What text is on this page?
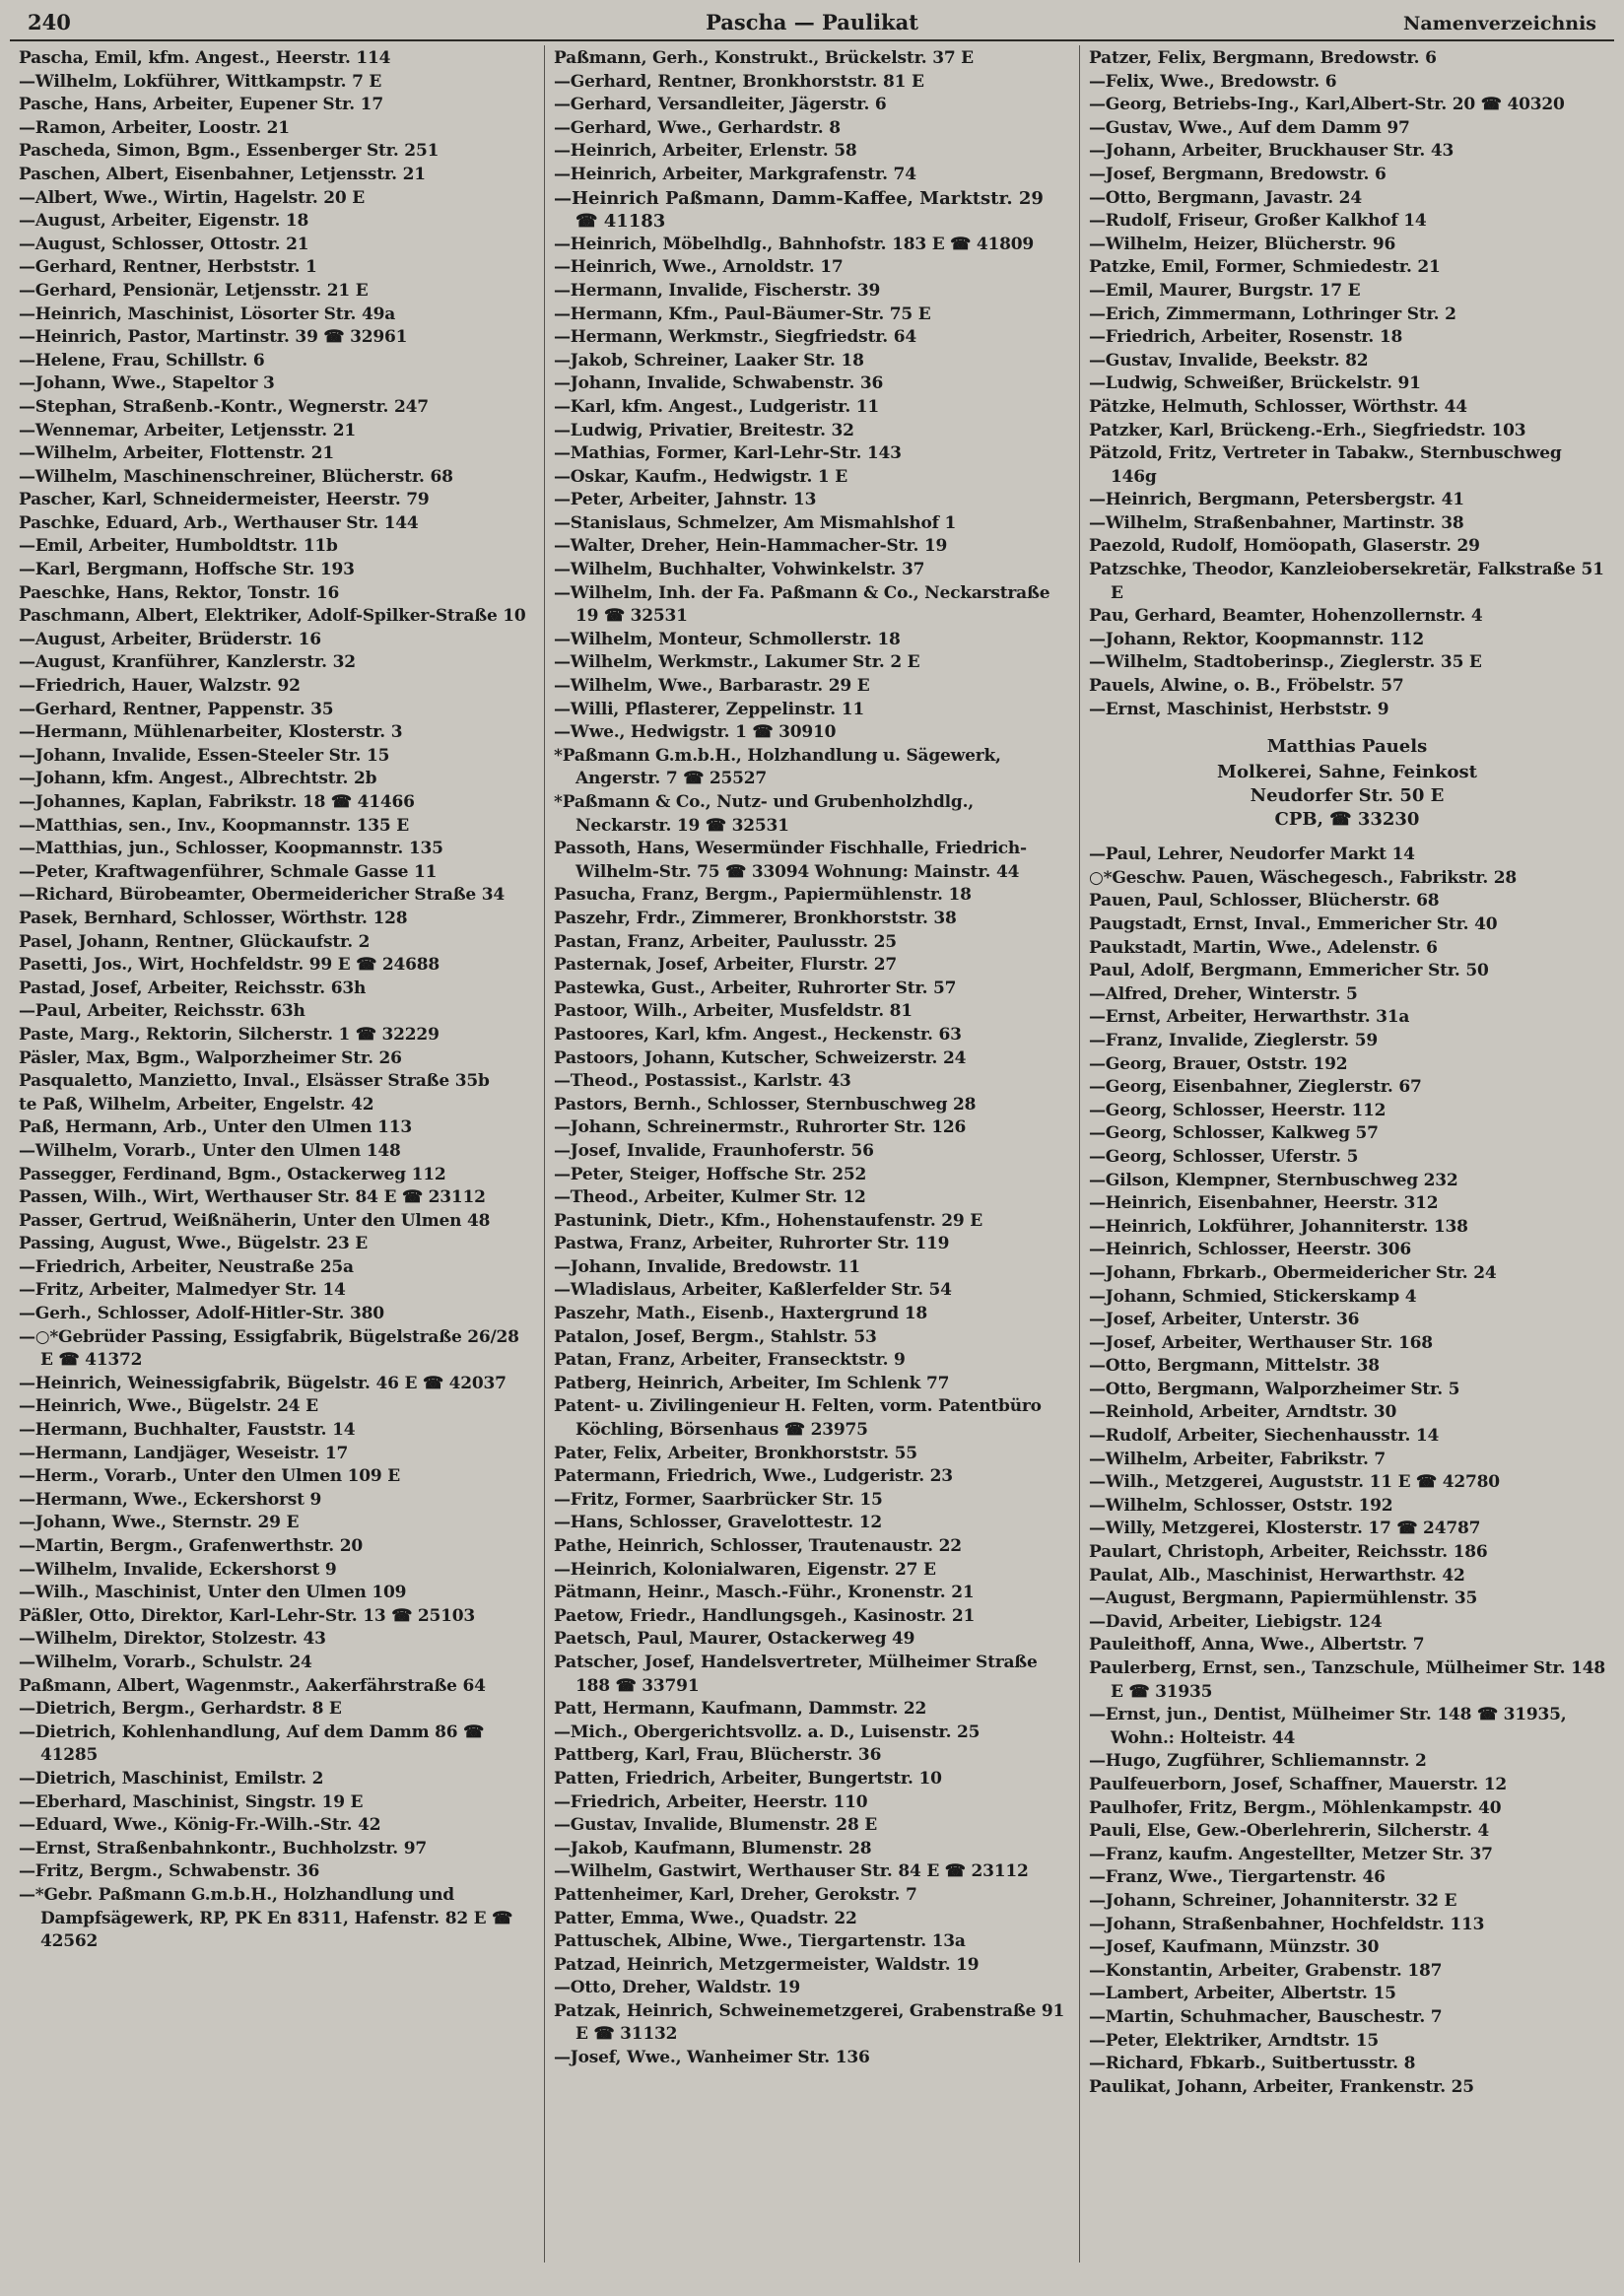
240	Pascha — Paulikat	Namenverzeichnis

Pascha, Emil, kfm. Angest., Heerstr. 114

—Wilhelm, Lokführer, Wittkampstr. 7 E

Pasche, Hans, Arbeiter, Eupener Str. 17

—Ramon, Arbeiter, Loostr. 21

Pascheda, Simon, Bgm., Essenberger Str. 251

Paschen, Albert, Eisenbahner, Letjensstr. 21

—Albert, Wwe., Wirtin, Hagelstr. 20 E

—August, Arbeiter, Eigenstr. 18

—August, Schlosser, Ottostr. 21

—Gerhard, Rentner, Herbststr. 1

—Gerhard, Pensionär, Letjensstr. 21 E

—Heinrich, Maschinist, Lösorter Str. 49a

—Heinrich, Pastor, Martinstr. 39 ☎ 32961

—Helene, Frau, Schillstr. 6

—Johann, Wwe., Stapeltor 3

—Stephan, Straßenb.-Kontr., Wegnerstr. 247

—Wennemar, Arbeiter, Letjensstr. 21

—Wilhelm, Arbeiter, Flottenstr. 21

—Wilhelm, Maschinenschreiner, Blücherstr. 68

Pascher, Karl, Schneidermeister, Heerstr. 79

Paschke, Eduard, Arb., Werthauser Str. 144

—Emil, Arbeiter, Humboldtstr. 11b

—Karl, Bergmann, Hoffsche Str. 193

Paeschke, Hans, Rektor, Tonstr. 16

Paschmann, Albert, Elektriker, Adolf-Spilker-Straße 10

—August, Arbeiter, Brüderstr. 16

—August, Kranführer, Kanzlerstr. 32

—Friedrich, Hauer, Walzstr. 92

—Gerhard, Rentner, Pappenstr. 35

—Hermann, Mühlenarbeiter, Klosterstr. 3

—Johann, Invalide, Essen-Steeler Str. 15

—Johann, kfm. Angest., Albrechtstr. 2b

—Johannes, Kaplan, Fabrikstr. 18 ☎ 41466

—Matthias, sen., Inv., Koopmannstr. 135 E

—Matthias, jun., Schlosser, Koopmannstr. 135

—Peter, Kraftwagenführer, Schmale Gasse 11

—Richard, Bürobeamter, Obermeidericher Straße 34

Pasek, Bernhard, Schlosser, Wörthstr. 128

Pasel, Johann, Rentner, Glückaufstr. 2

Pasetti, Jos., Wirt, Hochfeldstr. 99 E ☎ 24688

Pastad, Josef, Arbeiter, Reichsstr. 63h

—Paul, Arbeiter, Reichsstr. 63h

Paste, Marg., Rektorin, Silcherstr. 1 ☎ 32229

Päsler, Max, Bgm., Walporzheimer Str. 26

Pasqualetto, Manzietto, Inval., Elsässer Straße 35b

te Paß, Wilhelm, Arbeiter, Engelstr. 42

Paß, Hermann, Arb., Unter den Ulmen 113

—Wilhelm, Vorarb., Unter den Ulmen 148

Passegger, Ferdinand, Bgm., Ostackerweg 112

Passen, Wilh., Wirt, Werthauser Str. 84 E ☎ 23112

Passer, Gertrud, Weißnäherin, Unter den Ulmen 48

Passing, August, Wwe., Bügelstr. 23 E

—Friedrich, Arbeiter, Neustraße 25a

—Fritz, Arbeiter, Malmedyer Str. 14

—Gerh., Schlosser, Adolf-Hitler-Str. 380

—○*Gebrüder Passing, Essigfabrik, Bügelstraße 26/28 E ☎ 41372

—Heinrich, Weinessigfabrik, Bügelstr. 46 E ☎ 42037

—Heinrich, Wwe., Bügelstr. 24 E

—Hermann, Buchhalter, Fauststr. 14

—Hermann, Landjäger, Weseistr. 17

—Herm., Vorarb., Unter den Ulmen 109 E

—Hermann, Wwe., Eckershorst 9

—Johann, Wwe., Sternstr. 29 E

—Martin, Bergm., Grafenwerthstr. 20

—Wilhelm, Invalide, Eckershorst 9

—Wilh., Maschinist, Unter den Ulmen 109

Päßler, Otto, Direktor, Karl-Lehr-Str. 13 ☎ 25103

—Wilhelm, Direktor, Stolzestr. 43

—Wilhelm, Vorarb., Schulstr. 24

Paßmann, Albert, Wagenmstr., Aakerfährstraße 64

—Dietrich, Bergm., Gerhardstr. 8 E

—Dietrich, Kohlenhandlung, Auf dem Damm 86 ☎ 41285

—Dietrich, Maschinist, Emilstr. 2

—Eberhard, Maschinist, Singstr. 19 E

—Eduard, Wwe., König-Fr.-Wilh.-Str. 42

—Ernst, Straßenbahnkontr., Buchholzstr. 97

—Fritz, Bergm., Schwabenstr. 36

—*Gebr. Paßmann G.m.b.H., Holzhandlung und Dampfsägewerk, RP, PK En 8311, Hafenstr. 82 E ☎ 42562

Paßmann, Gerh., Konstrukt., Brückelstr. 37 E

—Gerhard, Rentner, Bronkhorststr. 81 E

—Gerhard, Versandleiter, Jägerstr. 6

—Gerhard, Wwe., Gerhardstr. 8

—Heinrich, Arbeiter, Erlenstr. 58

—Heinrich, Arbeiter, Markgrafenstr. 74

—Heinrich Paßmann, Damm-Kaffee, Marktstr. 29 ☎ 41183

—Heinrich, Möbelhdlg., Bahnhofstr. 183 E ☎ 41809

—Heinrich, Wwe., Arnoldstr. 17

—Hermann, Invalide, Fischerstr. 39

—Hermann, Kfm., Paul-Bäumer-Str. 75 E

—Hermann, Werkmstr., Siegfriedstr. 64

—Jakob, Schreiner, Laaker Str. 18

—Johann, Invalide, Schwabenstr. 36

—Karl, kfm. Angest., Ludgeristr. 11

—Ludwig, Privatier, Breitestr. 32

—Mathias, Former, Karl-Lehr-Str. 143

—Oskar, Kaufm., Hedwigstr. 1 E

—Peter, Arbeiter, Jahnstr. 13

—Stanislaus, Schmelzer, Am Mismahlshof 1

—Walter, Dreher, Hein-Hammacher-Str. 19

—Wilhelm, Buchhalter, Vohwinkelstr. 37

—Wilhelm, Inh. der Fa. Paßmann & Co., Neckarstraße 19 ☎ 32531

—Wilhelm, Monteur, Schmollerstr. 18

—Wilhelm, Werkmstr., Lakumer Str. 2 E

—Wilhelm, Wwe., Barbarastr. 29 E

—Willi, Pflasterer, Zeppelinstr. 11

—Wwe., Hedwigstr. 1 ☎ 30910

*Paßmann G.m.b.H., Holzhandlung u. Sägewerk, Angerstr. 7 ☎ 25527

*Paßmann & Co., Nutz- und Grubenholzhdlg., Neckarstr. 19 ☎ 32531

Passoth, Hans, Wesermünder Fischhalle, Friedrich-Wilhelm-Str. 75 ☎ 33094 Wohnung: Mainstr. 44

Pasucha, Franz, Bergm., Papiermühlenstr. 18

Paszehr, Frdr., Zimmerer, Bronkhorststr. 38

Pastan, Franz, Arbeiter, Paulusstr. 25

Pasternak, Josef, Arbeiter, Flurstr. 27

Pastewka, Gust., Arbeiter, Ruhrorter Str. 57

Pastoor, Wilh., Arbeiter, Musfeldstr. 81

Pastoores, Karl, kfm. Angest., Heckenstr. 63

Pastoors, Johann, Kutscher, Schweizerstr. 24

—Theod., Postassist., Karlstr. 43

Pastors, Bernh., Schlosser, Sternbuschweg 28

—Johann, Schreinermstr., Ruhrorter Str. 126

—Josef, Invalide, Fraunhoferstr. 56

—Peter, Steiger, Hoffsche Str. 252

—Theod., Arbeiter, Kulmer Str. 12

Pastunink, Dietr., Kfm., Hohenstaufenstr. 29 E

Pastwa, Franz, Arbeiter, Ruhrorter Str. 119

—Johann, Invalide, Bredowstr. 11

—Wladislaus, Arbeiter, Kaßlerfelder Str. 54

Paszehr, Math., Eisenb., Haxtergrund 18

Patalon, Josef, Bergm., Stahlstr. 53

Patan, Franz, Arbeiter, Fransecktstr. 9

Patberg, Heinrich, Arbeiter, Im Schlenk 77

Patent- u. Zivilingenieur H. Felten, vorm. Patentbüro Köchling, Börsenhaus ☎ 23975

Pater, Felix, Arbeiter, Bronkhorststr. 55

Patermann, Friedrich, Wwe., Ludgeristr. 23

—Fritz, Former, Saarbrücker Str. 15

—Hans, Schlosser, Gravelottestr. 12

Pathe, Heinrich, Schlosser, Trautenaustr. 22

—Heinrich, Kolonialwaren, Eigenstr. 27 E

Pätmann, Heinr., Masch.-Führ., Kronenstr. 21

Paetow, Friedr., Handlungsgeh., Kasinostr. 21

Paetsch, Paul, Maurer, Ostackerweg 49

Patscher, Josef, Handelsvertreter, Mülheimer Straße 188 ☎ 33791

Patt, Hermann, Kaufmann, Dammstr. 22

—Mich., Obergerichtsvollz. a. D., Luisenstr. 25

Pattberg, Karl, Frau, Blücherstr. 36

Patten, Friedrich, Arbeiter, Bungertstr. 10

—Friedrich, Arbeiter, Heerstr. 110

—Gustav, Invalide, Blumenstr. 28 E

—Jakob, Kaufmann, Blumenstr. 28

—Wilhelm, Gastwirt, Werthauser Str. 84 E ☎ 23112

Pattenheimer, Karl, Dreher, Gerokstr. 7

Patter, Emma, Wwe., Quadstr. 22

Pattuschek, Albine, Wwe., Tiergartenstr. 13a

Patzad, Heinrich, Metzgermeister, Waldstr. 19

—Otto, Dreher, Waldstr. 19

Patzak, Heinrich, Schweinemetzgerei, Grabenstraße 91 E ☎ 31132

—Josef, Wwe., Wanheimer Str. 136

Patzer, Felix, Bergmann, Bredowstr. 6

—Felix, Wwe., Bredowstr. 6

—Georg, Betriebs-Ing., Karl,Albert-Str. 20 ☎ 40320

—Gustav, Wwe., Auf dem Damm 97

—Johann, Arbeiter, Bruckhauser Str. 43

—Josef, Bergmann, Bredowstr. 6

—Otto, Bergmann, Javastr. 24

—Rudolf, Friseur, Großer Kalkhof 14

—Wilhelm, Heizer, Blücherstr. 96

Patzke, Emil, Former, Schmiedestr. 21

—Emil, Maurer, Burgstr. 17 E

—Erich, Zimmermann, Lothringer Str. 2

—Friedrich, Arbeiter, Rosenstr. 18

—Gustav, Invalide, Beekstr. 82

—Ludwig, Schweißer, Brückelstr. 91

Pätzke, Helmuth, Schlosser, Wörthstr. 44

Patzker, Karl, Brückeng.-Erh., Siegfriedstr. 103

Pätzold, Fritz, Vertreter in Tabakw., Sternbuschweg 146g

—Heinrich, Bergmann, Petersbergstr. 41

—Wilhelm, Straßenbahner, Martinstr. 38

Paezold, Rudolf, Homöopath, Glaserstr. 29

Patzschke, Theodor, Kanzleiobersekretär, Falkstraße 51 E

Pau, Gerhard, Beamter, Hohenzollernstr. 4

—Johann, Rektor, Koopmannstr. 112

—Wilhelm, Stadtoberinsp., Zieglerstr. 35 E

Pauels, Alwine, o. B., Fröbelstr. 57

—Ernst, Maschinist, Herbststr. 9

Matthias Pauels
Molkerei, Sahne, Feinkost
Neudorfer Str. 50 E
CPB, ☎ 33230

—Paul, Lehrer, Neudorfer Markt 14

○*Geschw. Pauen, Wäschegesch., Fabrikstr. 28

Pauen, Paul, Schlosser, Blücherstr. 68

Paugstadt, Ernst, Inval., Emmericher Str. 40

Paukstadt, Martin, Wwe., Adelenstr. 6

Paul, Adolf, Bergmann, Emmericher Str. 50

—Alfred, Dreher, Winterstr. 5

—Ernst, Arbeiter, Herwarthstr. 31a

—Franz, Invalide, Zieglerstr. 59

—Georg, Brauer, Oststr. 192

—Georg, Eisenbahner, Zieglerstr. 67

—Georg, Schlosser, Heerstr. 112

—Georg, Schlosser, Kalkweg 57

—Georg, Schlosser, Uferstr. 5

—Gilson, Klempner, Sternbuschweg 232

—Heinrich, Eisenbahner, Heerstr. 312

—Heinrich, Lokführer, Johanniterstr. 138

—Heinrich, Schlosser, Heerstr. 306

—Johann, Fbrkarb., Obermeidericher Str. 24

—Johann, Schmied, Stickerskamp 4

—Josef, Arbeiter, Unterstr. 36

—Josef, Arbeiter, Werthauser Str. 168

—Otto, Bergmann, Mittelstr. 38

—Otto, Bergmann, Walporzheimer Str. 5

—Reinhold, Arbeiter, Arndtstr. 30

—Rudolf, Arbeiter, Siechenhausstr. 14

—Wilhelm, Arbeiter, Fabrikstr. 7

—Wilh., Metzgerei, Auguststr. 11 E ☎ 42780

—Wilhelm, Schlosser, Oststr. 192

—Willy, Metzgerei, Klosterstr. 17 ☎ 24787

Paulart, Christoph, Arbeiter, Reichsstr. 186

Paulat, Alb., Maschinist, Herwarthstr. 42

—August, Bergmann, Papiermühlenstr. 35

—David, Arbeiter, Liebigstr. 124

Pauleithoff, Anna, Wwe., Albertstr. 7

Paulerberg, Ernst, sen., Tanzschule, Mülheimer Str. 148 E ☎ 31935

—Ernst, jun., Dentist, Mülheimer Str. 148 ☎ 31935, Wohn.: Holteistr. 44

—Hugo, Zugführer, Schliemannstr. 2

Paulfeuerborn, Josef, Schaffner, Mauerstr. 12

Paulhofer, Fritz, Bergm., Möhlenkampstr. 40

Pauli, Else, Gew.-Oberlehrerin, Silcherstr. 4

—Franz, kaufm. Angestellter, Metzer Str. 37

—Franz, Wwe., Tiergartenstr. 46

—Johann, Schreiner, Johanniterstr. 32 E

—Johann, Straßenbahner, Hochfeldstr. 113

—Josef, Kaufmann, Münzstr. 30

—Konstantin, Arbeiter, Grabenstr. 187

—Lambert, Arbeiter, Albertstr. 15

—Martin, Schuhmacher, Bauschestr. 7

—Peter, Elektriker, Arndtstr. 15

—Richard, Fbkarb., Suitbertusstr. 8

Paulikat, Johann, Arbeiter, Frankenstr. 25
